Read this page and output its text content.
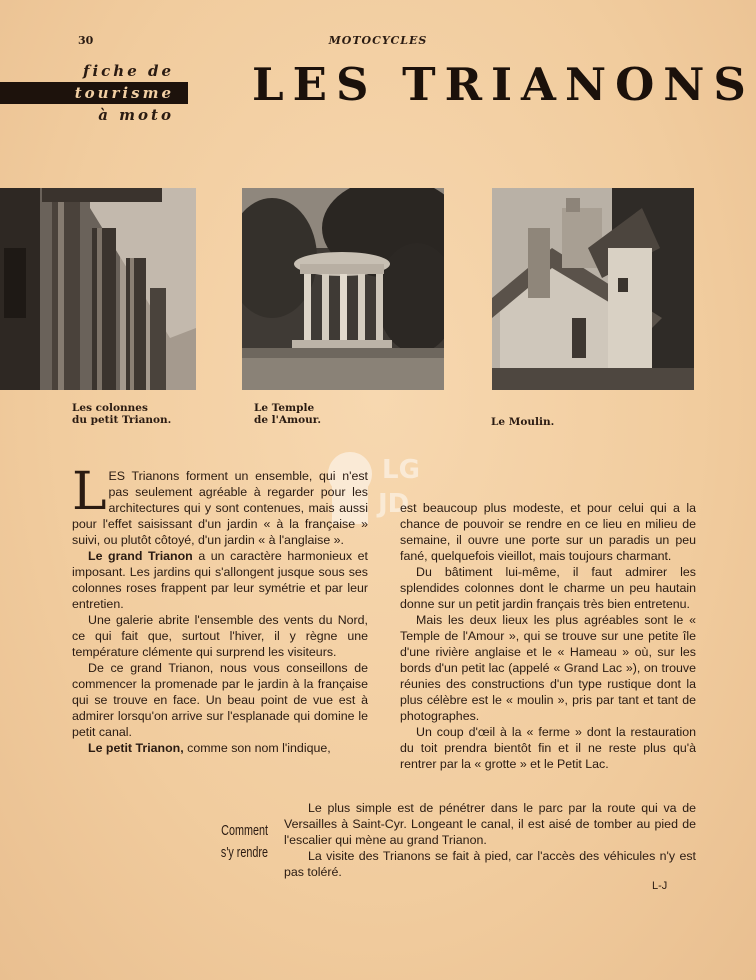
30	MOTOCYCLES
fiche de
tourisme
à moto
LES TRIANONS
Les colonnes
du petit Trianon.
Le Temple
de l'Amour.	Le Moulin.
LG
JD

LES Trianons forment un ensemble, qui n'est pas seulement agréable à regarder pour les architectures qui y sont contenues, mais aussi pour l'effet saisissant d'un jardin « à la française » suivi, ou plutôt côtoyé, d'un jardin « à l'anglaise ».

Le grand Trianon a un caractère harmonieux et imposant. Les jardins qui s'allongent jusque sous ses colonnes roses frappent par leur symétrie et par leur entretien.

Une galerie abrite l'ensemble des vents du Nord, ce qui fait que, surtout l'hiver, il y règne une température clémente qui surprend les visiteurs.

De ce grand Trianon, nous vous conseillons de commencer la promenade par le jardin à la française qui se trouve en face. Un beau point de vue est à admirer lorsqu'on arrive sur l'esplanade qui domine le petit canal.

Le petit Trianon, comme son nom l'indique,

est beaucoup plus modeste, et pour celui qui a la chance de pouvoir se rendre en ce lieu en milieu de semaine, il ouvre une porte sur un paradis un peu fané, quelquefois vieillot, mais toujours charmant.

Du bâtiment lui-même, il faut admirer les splendides colonnes dont le charme un peu hautain donne sur un petit jardin français très bien entretenu.

Mais les deux lieux les plus agréables sont le « Temple de l'Amour », qui se trouve sur une petite île d'une rivière anglaise et le « Hameau » où, sur les bords d'un petit lac (appelé « Grand Lac »), on trouve réunies des constructions d'un type rustique dont la plus célèbre est le « moulin », pris par tant et tant de photographes.

Un coup d'œil à la « ferme » dont la restauration du toit prendra bientôt fin et il ne reste plus qu'à rentrer par la « grotte » et le Petit Lac.

Comment
s'y rendre

Le plus simple est de pénétrer dans le parc par la route qui va de Versailles à Saint-Cyr. Longeant le canal, il est aisé de tomber au pied de l'escalier qui mène au grand Trianon.

La visite des Trianons se fait à pied, car l'accès des véhicules n'y est pas toléré.

L-J
